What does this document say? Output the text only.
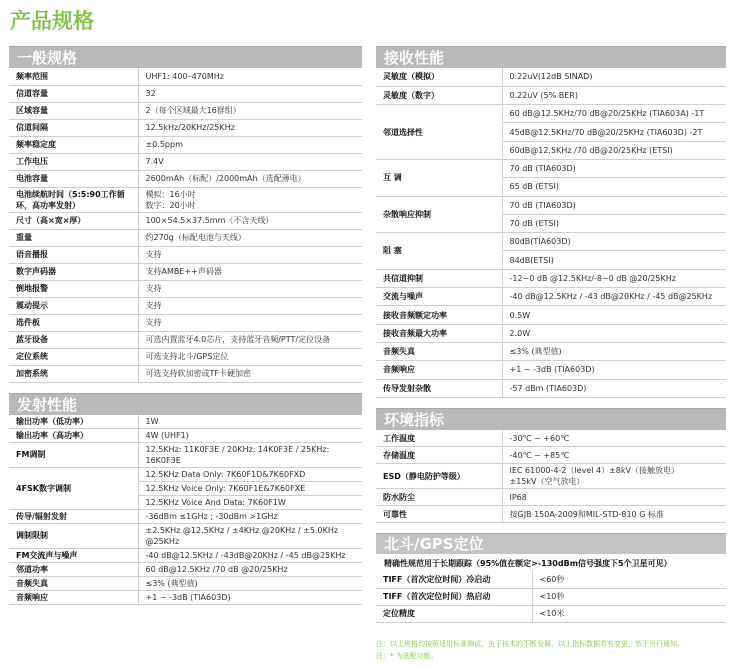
产品规格
一般规格
频率范围	UHF1: 400–470MHz

信道容量	32

区域容量	2（每个区域最大16群组）

信道间隔	12.5kHz/20KHz/25KHz

频率稳定度	±0.5ppm

工作电压	7.4V

电池容量	2600mAh（标配）/2000mAh（选配薄电）

电池续航时间（5:5:90工作循环，高功率发射）	模拟：16小时
数字：20小时

尺寸（高×宽×厚）	100×54.5×37.5mm（不含天线）

重量	约270g（标配电池与天线）

语音播报	支持

数字声码器	支持AMBE++声码器

倒地报警	支持

震动提示	支持

选件板	支持

蓝牙设备	可选内置蓝牙4.0芯片，支持蓝牙音频/PTT/定位设备

定位系统	可选支持北斗/GPS定位

加密系统	可选支持软加密或TF卡硬加密
发射性能
输出功率（低功率）	1W
输出功率（高功率）	4W (UHF1)
FM调制	12.5KHz: 11K0F3E / 20KHz: 14K0F3E / 25KHz: 16K0F3E
4FSK数字调制	12.5KHz Data Only: 7K60F1D&7K60FXD
	12.5KHz Voice Only: 7K60F1E&7K60FXE
	12.5KHz Voice And Data: 7K60F1W
传导/辐射发射	-36dBm ≤1GHz ; -30dBm >1GHz
调制限制	±2.5KHz @12.5KHz / ±4KHz @20KHz / ±5.0KHz @25KHz
FM交流声与噪声	-40 dB@12.5KHz / -43dB@20KHz / -45 dB@25KHz
邻道功率	60 dB@12.5KHz /70 dB @20/25KHz
音频失真	≤3% (典型值)
音频响应	+1 ~ -3dB (TIA603D)
接收性能
灵敏度（模拟）	0.22uV(12dB SINAD)
灵敏度（数字）	0.22uV (5% BER)
邻道选择性	60 dB@12.5KHz/70 dB@20/25KHz (TIA603A) -1T
	45dB@12.5KHz/70 dB@20/25KHz (TIA603D) -2T
	60dB@12.5KHz /70 dB@20/25KHz (ETSI)
互 调	70 dB (TIA603D)
	65 dB (ETSI)
杂散响应抑制	70 dB (TIA603D)
	70 dB (ETSI)
阻 塞	80dB(TIA603D)
	84dB(ETSI)
共信道抑制	-12~0 dB @12.5KHz/-8~0 dB @20/25KHz
交流与噪声	-40 dB@12.5KHz / -43 dB@20KHz / -45 dB@25KHz
接收音频额定功率	0.5W
接收音频最大功率	2.0W
音频失真	≤3% (典型值)
音频响应	+1 ~ -3dB (TIA603D)
传导发射杂散	-57 dBm (TIA603D)
环境指标
工作温度	-30℃ ~ +60℃

存储温度	-40℃ ~ +85℃

ESD（静电防护等级）	IEC 61000-4-2（level 4）±8kV（接触放电）
±15kV（空气放电）

防水防尘	IP68

可靠性	按GJB 150A-2009和MIL-STD-810 G 标准
北斗/GPS定位
精确性规范用于长期跟踪（95%值在额定>-130dBm信号强度下5个卫星可见）
TIFF（首次定位时间）冷启动	<60秒

TIFF（首次定位时间）热启动	<10秒

定位精度	<10米
注：以上规格均按照适用标准测试，由于技术的不断发展，以上指标数据若有变更，恕不另行通知。
注：* 为选配功能。
